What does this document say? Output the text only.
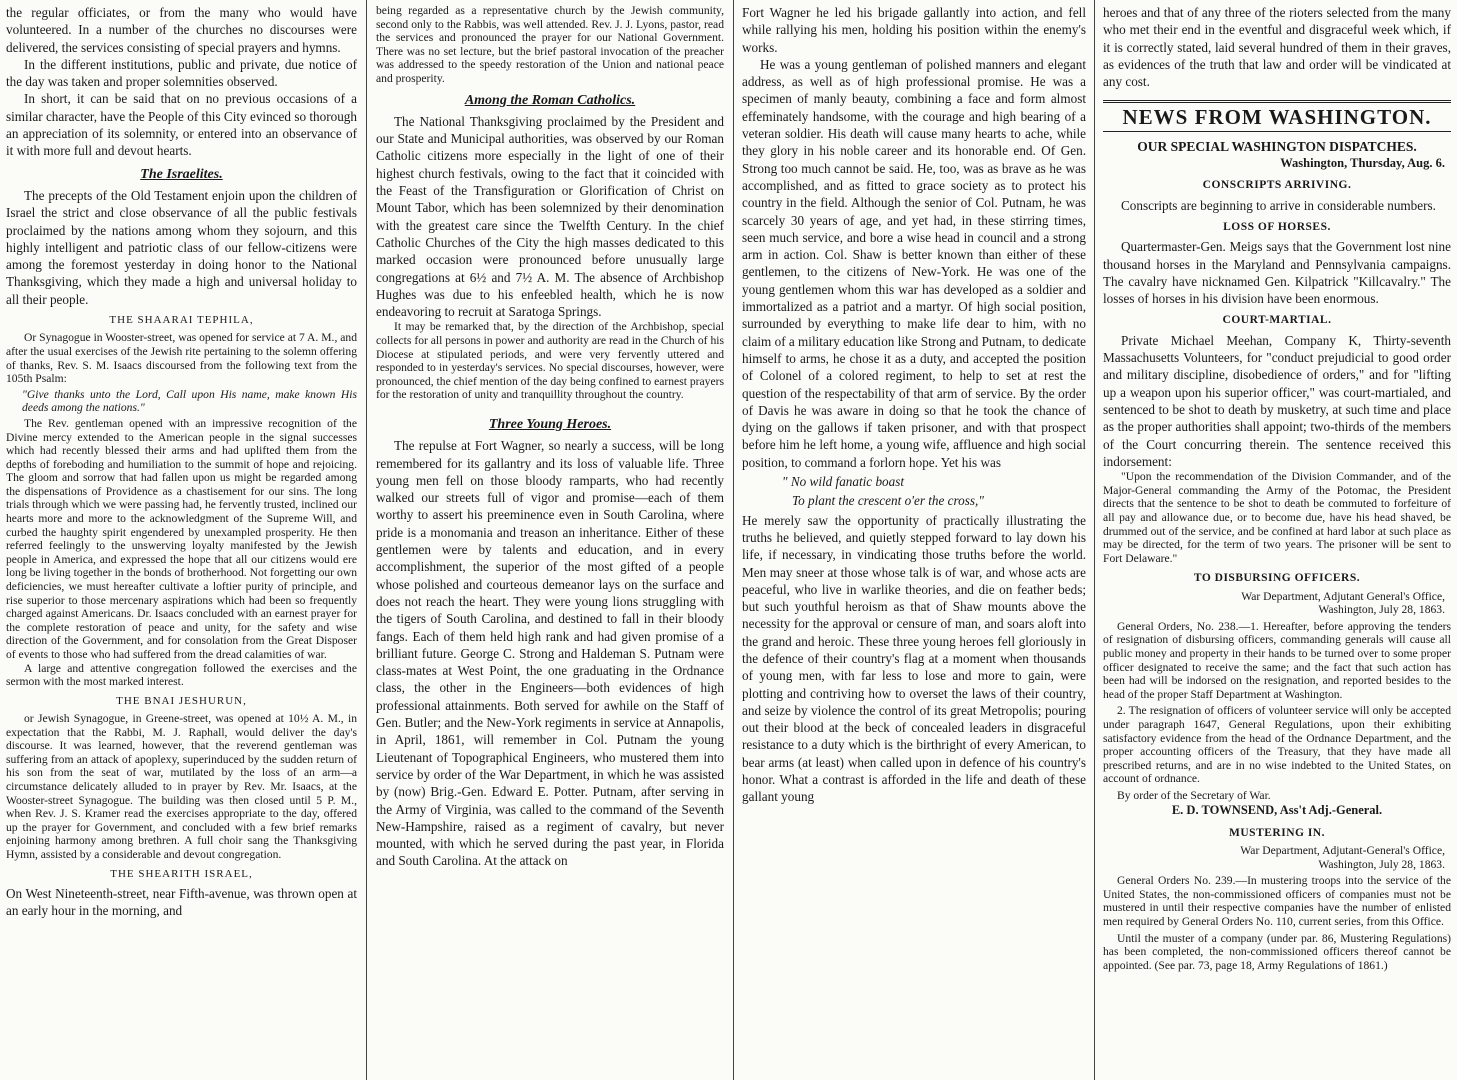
the regular officiates, or from the many who would have volunteered. In a number of the churches no discourses were delivered, the services consisting of special prayers and hymns.

In the different institutions, public and private, due notice of the day was taken and proper solemnities observed.

In short, it can be said that on no previous occasions of a similar character, have the People of this City evinced so thorough an appreciation of its solemnity, or entered into an observance of it with more full and devout hearts.

The Israelites.

The precepts of the Old Testament enjoin upon the children of Israel the strict and close observance of all the public festivals proclaimed by the nations among whom they sojourn, and this highly intelligent and patriotic class of our fellow-citizens were among the foremost yesterday in doing honor to the National Thanksgiving, which they made a high and universal holiday to all their people.

THE SHAARAI TEPHILA,

Or Synagogue in Wooster-street, was opened for service at 7 A. M., and after the usual exercises of the Jewish rite pertaining to the solemn offering of thanks, Rev. S. M. Isaacs discoursed from the following text from the 105th Psalm:

"Give thanks unto the Lord, Call upon His name, make known His deeds among the nations."

The Rev. gentleman opened with an impressive recognition of the Divine mercy extended to the American people in the signal successes which had recently blessed their arms and had uplifted them from the depths of foreboding and humiliation to the summit of hope and rejoicing. The gloom and sorrow that had fallen upon us might be regarded among the dispensations of Providence as a chastisement for our sins. The long trials through which we were passing had, he fervently trusted, inclined our hearts more and more to the acknowledgment of the Supreme Will, and curbed the haughty spirit engendered by unexampled prosperity. He then referred feelingly to the unswerving loyalty manifested by the Jewish people in America, and expressed the hope that all our citizens would ere long be living together in the bonds of brotherhood. Not forgetting our own deficiencies, we must hereafter cultivate a loftier purity of principle, and rise superior to those mercenary aspirations which had been so frequently charged against Americans. Dr. Isaacs concluded with an earnest prayer for the complete restoration of peace and unity, for the safety and wise direction of the Government, and for consolation from the Great Disposer of events to those who had suffered from the dread calamities of war.

A large and attentive congregation followed the exercises and the sermon with the most marked interest.

THE BNAI JESHURUN,

or Jewish Synagogue, in Greene-street, was opened at 10½ A. M., in expectation that the Rabbi, M. J. Raphall, would deliver the day's discourse. It was learned, however, that the reverend gentleman was suffering from an attack of apoplexy, superinduced by the sudden return of his son from the seat of war, mutilated by the loss of an arm—a circumstance delicately alluded to in prayer by Rev. Mr. Isaacs, at the Wooster-street Synagogue. The building was then closed until 5 P. M., when Rev. J. S. Kramer read the exercises appropriate to the day, offered up the prayer for Government, and concluded with a few brief remarks enjoining harmony among brethren. A full choir sang the Thanksgiving Hymn, assisted by a considerable and devout congregation.

THE SHEARITH ISRAEL,

On West Nineteenth-street, near Fifth-avenue, was thrown open at an early hour in the morning, and

being regarded as a representative church by the Jewish community, second only to the Rabbis, was well attended. Rev. J. J. Lyons, pastor, read the services and pronounced the prayer for our National Government. There was no set lecture, but the brief pastoral invocation of the preacher was addressed to the speedy restoration of the Union and national peace and prosperity.

Among the Roman Catholics.

The National Thanksgiving proclaimed by the President and our State and Municipal authorities, was observed by our Roman Catholic citizens more especially in the light of one of their highest church festivals, owing to the fact that it coincided with the Feast of the Transfiguration or Glorification of Christ on Mount Tabor, which has been solemnized by their denomination with the greatest care since the Twelfth Century. In the chief Catholic Churches of the City the high masses dedicated to this marked occasion were pronounced before unusually large congregations at 6½ and 7½ A. M. The absence of Archbishop Hughes was due to his enfeebled health, which he is now endeavoring to recruit at Saratoga Springs.

It may be remarked that, by the direction of the Archbishop, special collects for all persons in power and authority are read in the Church of his Diocese at stipulated periods, and were very fervently uttered and responded to in yesterday's services. No special discourses, however, were pronounced, the chief mention of the day being confined to earnest prayers for the restoration of unity and tranquillity throughout the country.

Three Young Heroes.

The repulse at Fort Wagner, so nearly a success, will be long remembered for its gallantry and its loss of valuable life. Three young men fell on those bloody ramparts, who had recently walked our streets full of vigor and promise—each of them worthy to assert his preeminence even in South Carolina, where pride is a monomania and treason an inheritance. Either of these gentlemen were by talents and education, and in every accomplishment, the superior of the most gifted of a people whose polished and courteous demeanor lays on the surface and does not reach the heart. They were young lions struggling with the tigers of South Carolina, and destined to fall in their bloody fangs. Each of them held high rank and had given promise of a brilliant future. George C. Strong and Haldeman S. Putnam were class-mates at West Point, the one graduating in the Ordnance class, the other in the Engineers—both evidences of high professional attainments. Both served for awhile on the Staff of Gen. Butler; and the New-York regiments in service at Annapolis, in April, 1861, will remember in Col. Putnam the young Lieutenant of Topographical Engineers, who mustered them into service by order of the War Department, in which he was assisted by (now) Brig.-Gen. Edward E. Potter. Putnam, after serving in the Army of Virginia, was called to the command of the Seventh New-Hampshire, raised as a regiment of cavalry, but never mounted, with which he served during the past year, in Florida and South Carolina. At the attack on

Fort Wagner he led his brigade gallantly into action, and fell while rallying his men, holding his position within the enemy's works.

He was a young gentleman of polished manners and elegant address, as well as of high professional promise. He was a specimen of manly beauty, combining a face and form almost effeminately handsome, with the courage and high bearing of a veteran soldier. His death will cause many hearts to ache, while they glory in his noble career and its honorable end. Of Gen. Strong too much cannot be said. He, too, was as brave as he was accomplished, and as fitted to grace society as to protect his country in the field. Although the senior of Col. Putnam, he was scarcely 30 years of age, and yet had, in these stirring times, seen much service, and bore a wise head in council and a strong arm in action. Col. Shaw is better known than either of these gentlemen, to the citizens of New-York. He was one of the young gentlemen whom this war has developed as a soldier and immortalized as a patriot and a martyr. Of high social position, surrounded by everything to make life dear to him, with no claim of a military education like Strong and Putnam, to dedicate himself to arms, he chose it as a duty, and accepted the position of Colonel of a colored regiment, to help to set at rest the question of the respectability of that arm of service. By the order of Davis he was aware in doing so that he took the chance of dying on the gallows if taken prisoner, and with that prospect before him he left home, a young wife, affluence and high social position, to command a forlorn hope. Yet his was

" No wild fanatic boast

To plant the crescent o'er the cross,"

He merely saw the opportunity of practically illustrating the truths he believed, and quietly stepped forward to lay down his life, if necessary, in vindicating those truths before the world. Men may sneer at those whose talk is of war, and whose acts are peaceful, who live in warlike theories, and die on feather beds; but such youthful heroism as that of Shaw mounts above the necessity for the approval or censure of man, and soars aloft into the grand and heroic. These three young heroes fell gloriously in the defence of their country's flag at a moment when thousands of young men, with far less to lose and more to gain, were plotting and contriving how to overset the laws of their country, and seize by violence the control of its great Metropolis; pouring out their blood at the beck of concealed leaders in disgraceful resistance to a duty which is the birthright of every American, to bear arms (at least) when called upon in defence of his country's honor. What a contrast is afforded in the life and death of these gallant young

heroes and that of any three of the rioters selected from the many who met their end in the eventful and disgraceful week which, if it is correctly stated, laid several hundred of them in their graves, as evidences of the truth that law and order will be vindicated at any cost.

NEWS FROM WASHINGTON.
OUR SPECIAL WASHINGTON DISPATCHES.
Washington, Thursday, Aug. 6.
CONSCRIPTS ARRIVING.

Conscripts are beginning to arrive in considerable numbers.

LOSS OF HORSES.

Quartermaster-Gen. Meigs says that the Government lost nine thousand horses in the Maryland and Pennsylvania campaigns. The cavalry have nicknamed Gen. Kilpatrick "Killcavalry." The losses of horses in his division have been enormous.

COURT-MARTIAL.

Private Michael Meehan, Company K, Thirty-seventh Massachusetts Volunteers, for "conduct prejudicial to good order and military discipline, disobedience of orders," and for "lifting up a weapon upon his superior officer," was court-martialed, and sentenced to be shot to death by musketry, at such time and place as the proper authorities shall appoint; two-thirds of the members of the Court concurring therein. The sentence received this indorsement:

"Upon the recommendation of the Division Commander, and of the Major-General commanding the Army of the Potomac, the President directs that the sentence to be shot to death be commuted to forfeiture of all pay and allowance due, or to become due, have his head shaved, be drummed out of the service, and be confined at hard labor at such place as may be directed, for the term of two years. The prisoner will be sent to Fort Delaware."

TO DISBURSING OFFICERS.
War Department, Adjutant General's Office,
Washington, July 28, 1863.

General Orders, No. 238.—1. Hereafter, before approving the tenders of resignation of disbursing officers, commanding generals will cause all public money and property in their hands to be turned over to some proper officer designated to receive the same; and the fact that such action has been had will be indorsed on the resignation, and reported besides to the head of the proper Staff Department at Washington.

2. The resignation of officers of volunteer service will only be accepted under paragraph 1647, General Regulations, upon their exhibiting satisfactory evidence from the head of the Ordnance Department, and the proper accounting officers of the Treasury, that they have made all prescribed returns, and are in no wise indebted to the United States, on account of ordnance.

By order of the Secretary of War.

E. D. TOWNSEND, Ass't Adj.-General.
MUSTERING IN.
War Department, Adjutant-General's Office,
Washington, July 28, 1863.

General Orders No. 239.—In mustering troops into the service of the United States, the non-commissioned officers of companies must not be mustered in until their respective companies have the number of enlisted men required by General Orders No. 110, current series, from this Office.

Until the muster of a company (under par. 86, Mustering Regulations) has been completed, the non-commissioned officers thereof cannot be appointed. (See par. 73, page 18, Army Regulations of 1861.)
